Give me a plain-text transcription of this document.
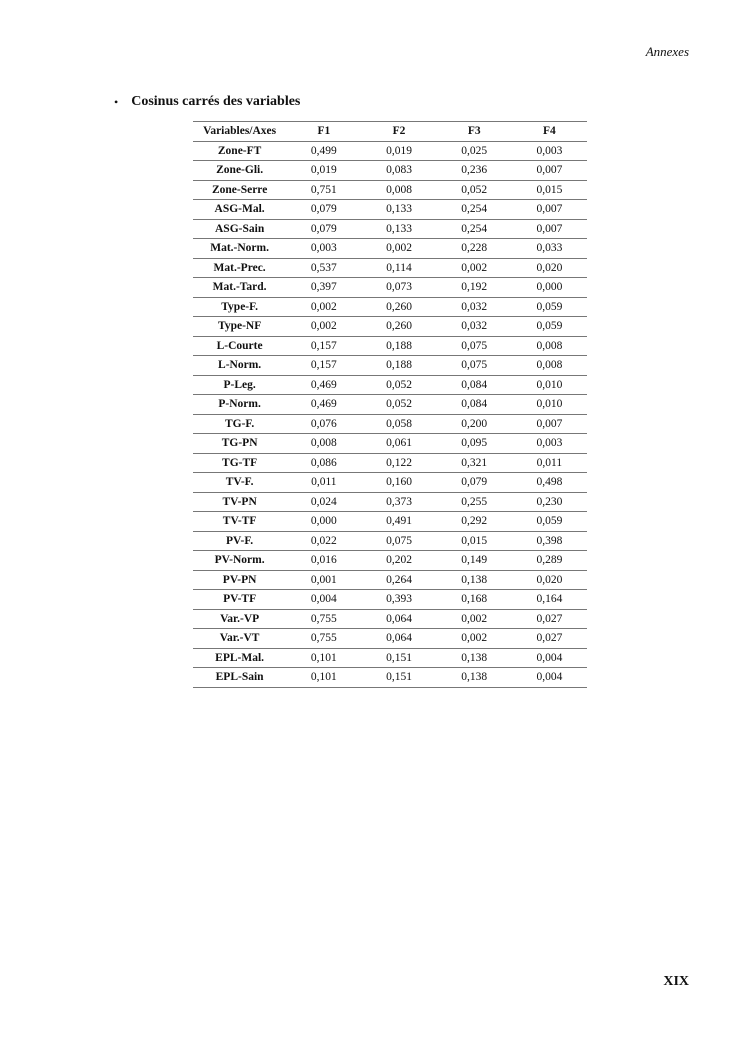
Annexes
• Cosinus carrés des variables
Variables/Axes	F1	F2	F3	F4
Zone-FT	0,499	0,019	0,025	0,003
Zone-Gli.	0,019	0,083	0,236	0,007
Zone-Serre	0,751	0,008	0,052	0,015
ASG-Mal.	0,079	0,133	0,254	0,007
ASG-Sain	0,079	0,133	0,254	0,007
Mat.-Norm.	0,003	0,002	0,228	0,033
Mat.-Prec.	0,537	0,114	0,002	0,020
Mat.-Tard.	0,397	0,073	0,192	0,000
Type-F.	0,002	0,260	0,032	0,059
Type-NF	0,002	0,260	0,032	0,059
L-Courte	0,157	0,188	0,075	0,008
L-Norm.	0,157	0,188	0,075	0,008
P-Leg.	0,469	0,052	0,084	0,010
P-Norm.	0,469	0,052	0,084	0,010
TG-F.	0,076	0,058	0,200	0,007
TG-PN	0,008	0,061	0,095	0,003
TG-TF	0,086	0,122	0,321	0,011
TV-F.	0,011	0,160	0,079	0,498
TV-PN	0,024	0,373	0,255	0,230
TV-TF	0,000	0,491	0,292	0,059
PV-F.	0,022	0,075	0,015	0,398
PV-Norm.	0,016	0,202	0,149	0,289
PV-PN	0,001	0,264	0,138	0,020
PV-TF	0,004	0,393	0,168	0,164
Var.-VP	0,755	0,064	0,002	0,027
Var.-VT	0,755	0,064	0,002	0,027
EPL-Mal.	0,101	0,151	0,138	0,004
EPL-Sain	0,101	0,151	0,138	0,004
XIX
